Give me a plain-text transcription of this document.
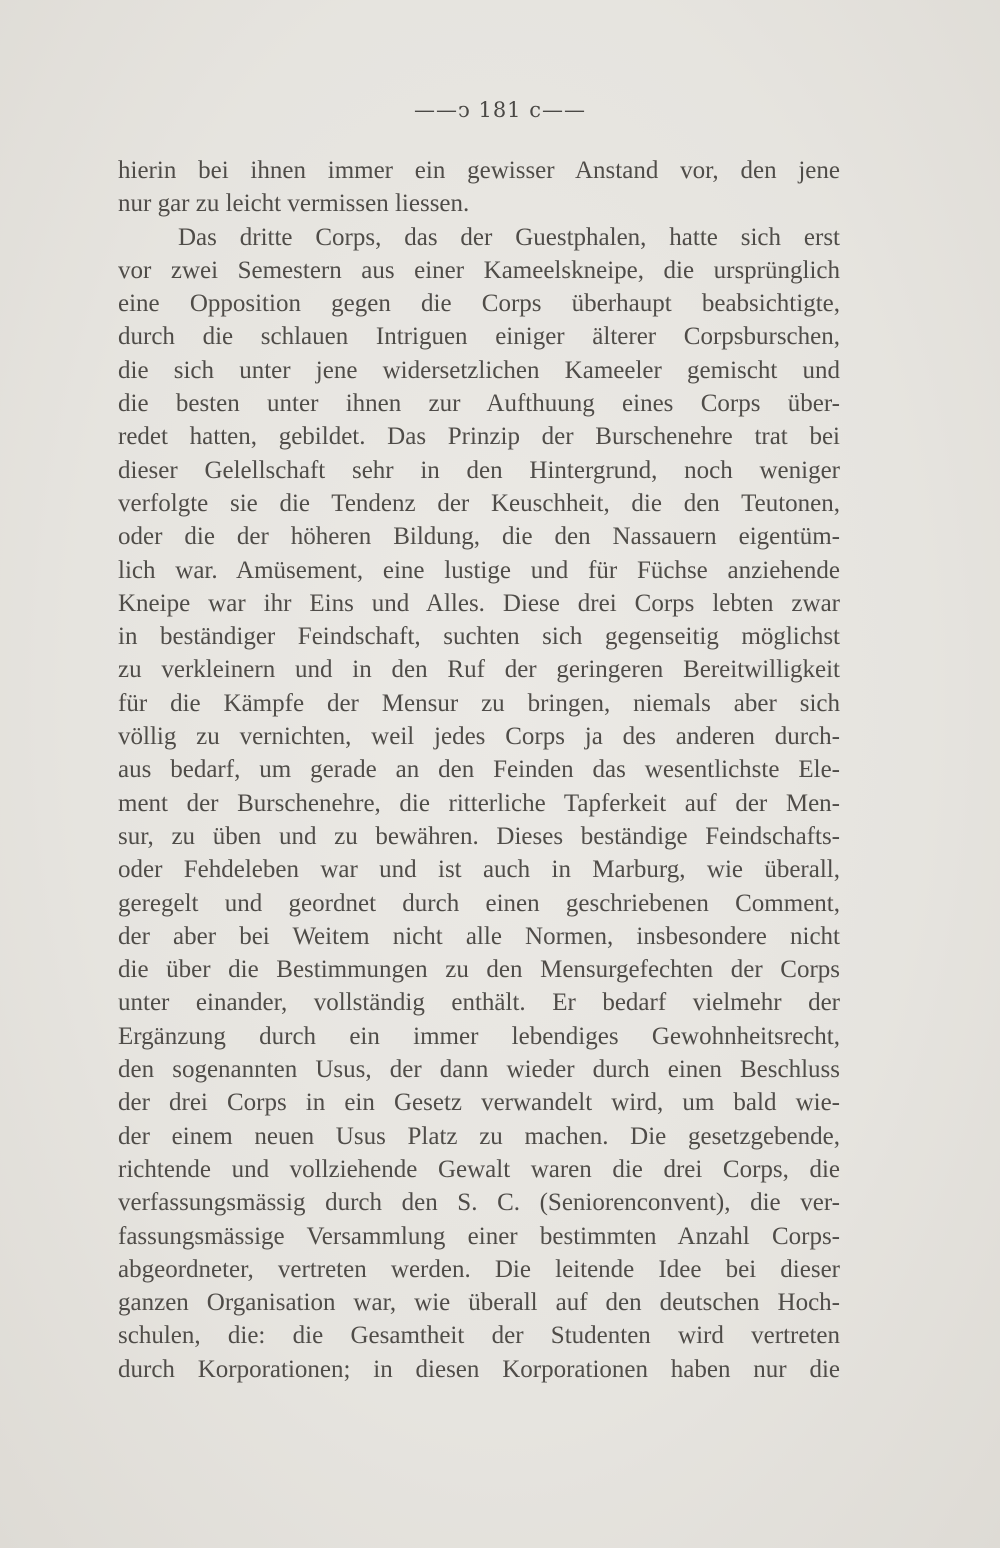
——ↄ 181 c——
hierin bei ihnen immer ein gewisser Anstand vor, den jene
nur gar zu leicht vermissen liessen.
Das dritte Corps, das der Guestphalen, hatte sich erst
vor zwei Semestern aus einer Kameelskneipe, die ursprünglich
eine Opposition gegen die Corps überhaupt beabsichtigte,
durch die schlauen Intriguen einiger älterer Corpsburschen,
die sich unter jene widersetzlichen Kameeler gemischt und
die besten unter ihnen zur Aufthuung eines Corps über-
redet hatten, gebildet. Das Prinzip der Burschenehre trat bei
dieser Gelellschaft sehr in den Hintergrund, noch weniger
verfolgte sie die Tendenz der Keuschheit, die den Teutonen,
oder die der höheren Bildung, die den Nassauern eigentüm-
lich war. Amüsement, eine lustige und für Füchse anziehende
Kneipe war ihr Eins und Alles. Diese drei Corps lebten zwar
in beständiger Feindschaft, suchten sich gegenseitig möglichst
zu verkleinern und in den Ruf der geringeren Bereitwilligkeit
für die Kämpfe der Mensur zu bringen, niemals aber sich
völlig zu vernichten, weil jedes Corps ja des anderen durch-
aus bedarf, um gerade an den Feinden das wesentlichste Ele-
ment der Burschenehre, die ritterliche Tapferkeit auf der Men-
sur, zu üben und zu bewähren. Dieses beständige Feindschafts-
oder Fehdeleben war und ist auch in Marburg, wie überall,
geregelt und geordnet durch einen geschriebenen Comment,
der aber bei Weitem nicht alle Normen, insbesondere nicht
die über die Bestimmungen zu den Mensurgefechten der Corps
unter einander, vollständig enthält. Er bedarf vielmehr der
Ergänzung durch ein immer lebendiges Gewohnheitsrecht,
den sogenannten Usus, der dann wieder durch einen Beschluss
der drei Corps in ein Gesetz verwandelt wird, um bald wie-
der einem neuen Usus Platz zu machen. Die gesetzgebende,
richtende und vollziehende Gewalt waren die drei Corps, die
verfassungsmässig durch den S. C. (Seniorenconvent), die ver-
fassungsmässige Versammlung einer bestimmten Anzahl Corps-
abgeordneter, vertreten werden. Die leitende Idee bei dieser
ganzen Organisation war, wie überall auf den deutschen Hoch-
schulen, die: die Gesamtheit der Studenten wird vertreten
durch Korporationen; in diesen Korporationen haben nur die
